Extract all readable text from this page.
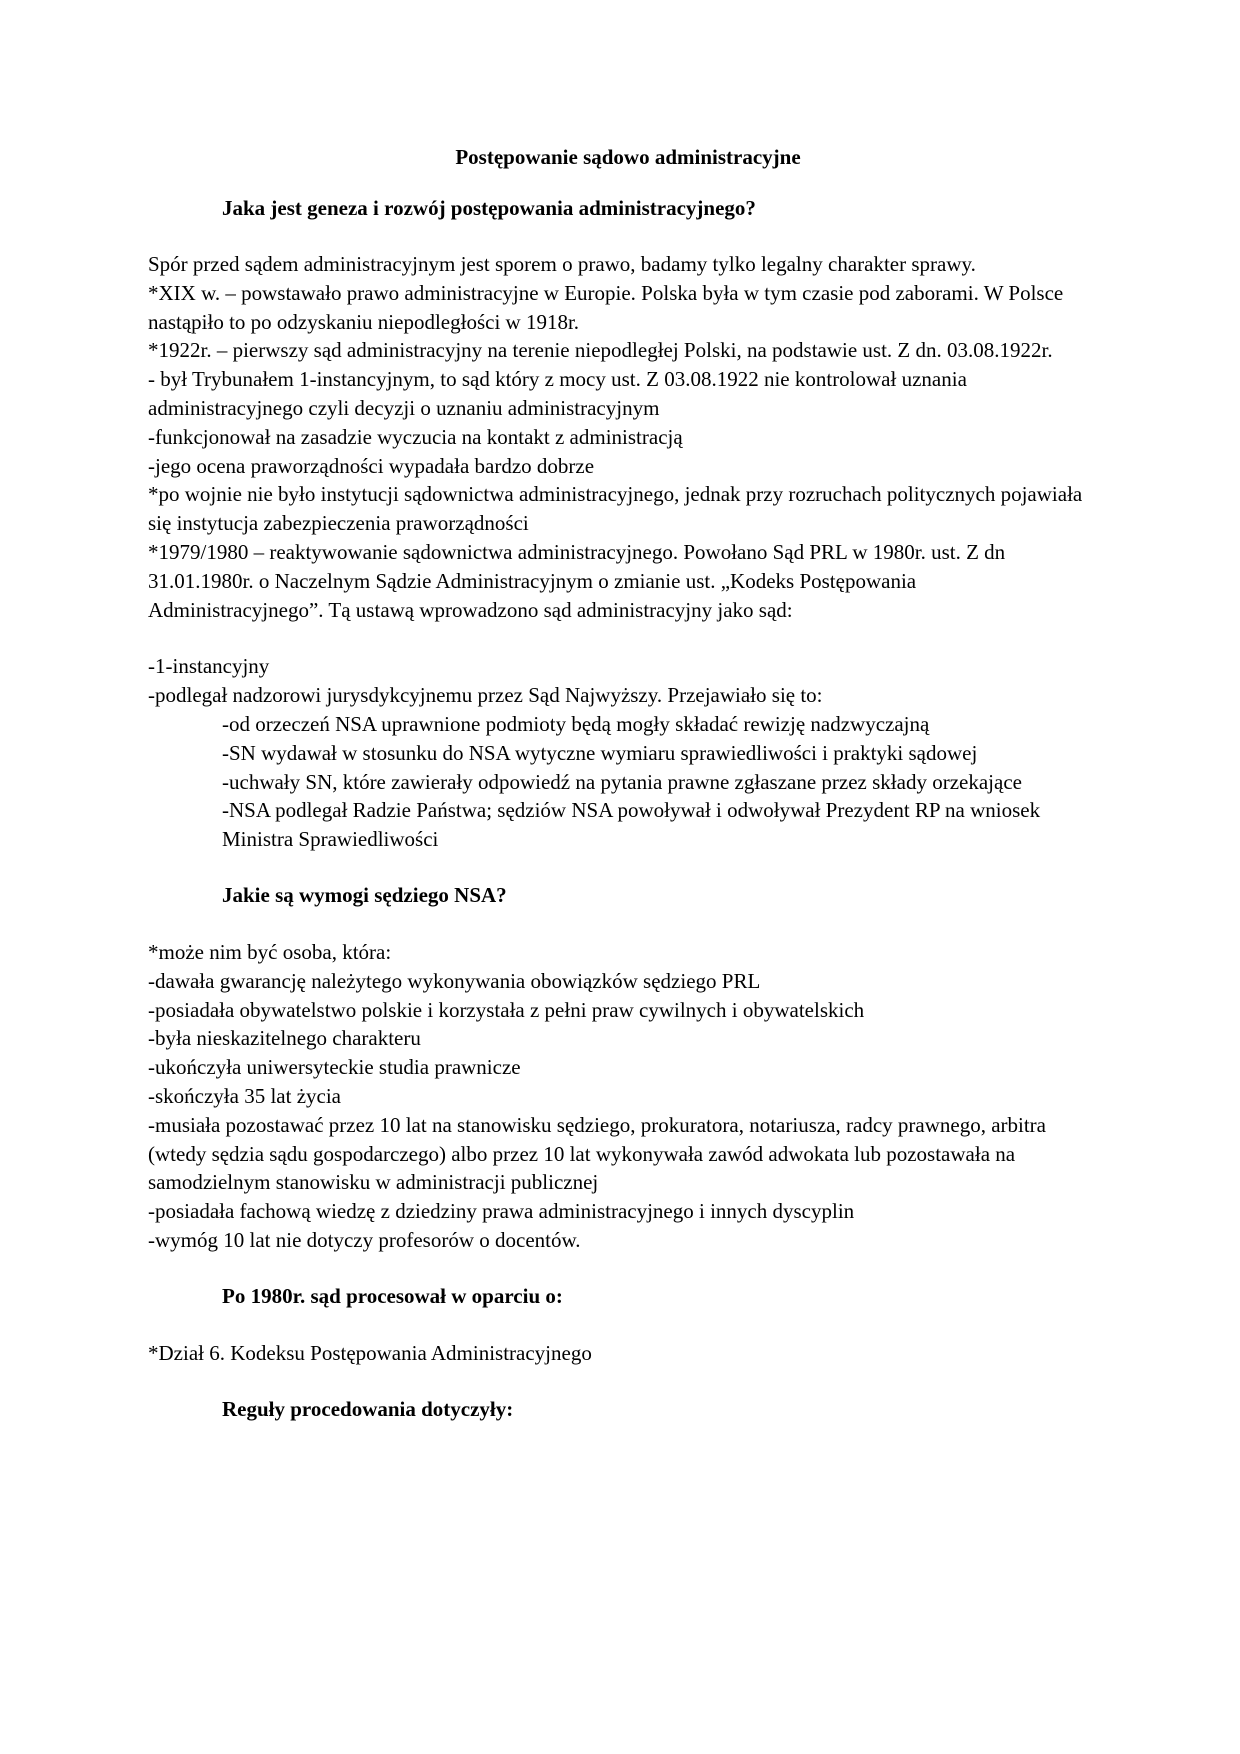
Postępowanie sądowo administracyjne

Jaka jest geneza i rozwój postępowania administracyjnego?

Spór przed sądem administracyjnym jest sporem o prawo, badamy tylko legalny charakter sprawy.

*XIX w. – powstawało prawo administracyjne w Europie. Polska była w tym czasie pod zaborami. W Polsce nastąpiło to po odzyskaniu niepodległości w 1918r.

*1922r. – pierwszy sąd administracyjny na terenie niepodległej Polski, na podstawie ust. Z dn. 03.08.1922r.

- był Trybunałem 1-instancyjnym, to sąd który z mocy ust. Z 03.08.1922 nie kontrolował uznania administracyjnego czyli decyzji o uznaniu administracyjnym

-funkcjonował na zasadzie wyczucia na kontakt z administracją

-jego ocena praworządności wypadała bardzo dobrze

*po wojnie nie było instytucji sądownictwa administracyjnego, jednak przy rozruchach politycznych pojawiała się instytucja zabezpieczenia praworządności

*1979/1980 – reaktywowanie sądownictwa administracyjnego. Powołano Sąd PRL w 1980r. ust. Z dn 31.01.1980r. o Naczelnym Sądzie Administracyjnym o zmianie ust. „Kodeks Postępowania Administracyjnego”. Tą ustawą wprowadzono sąd administracyjny jako sąd:

-1-instancyjny

-podlegał nadzorowi jurysdykcyjnemu przez Sąd Najwyższy. Przejawiało się to:

-od orzeczeń NSA uprawnione podmioty będą mogły składać rewizję nadzwyczajną

-SN wydawał w stosunku do NSA wytyczne wymiaru sprawiedliwości i praktyki sądowej

-uchwały SN, które zawierały odpowiedź na pytania prawne zgłaszane przez składy orzekające

-NSA podlegał Radzie Państwa; sędziów NSA powoływał i odwoływał Prezydent RP na wniosek Ministra Sprawiedliwości

Jakie są wymogi sędziego NSA?

*może nim być osoba, która:

-dawała gwarancję należytego wykonywania obowiązków sędziego PRL

-posiadała obywatelstwo polskie i korzystała z pełni praw cywilnych i obywatelskich

-była nieskazitelnego charakteru

-ukończyła uniwersyteckie studia prawnicze

-skończyła 35 lat życia

-musiała pozostawać przez 10 lat na stanowisku sędziego, prokuratora, notariusza, radcy prawnego, arbitra (wtedy sędzia sądu gospodarczego) albo przez 10 lat wykonywała zawód adwokata lub pozostawała na samodzielnym stanowisku w administracji publicznej

-posiadała fachową wiedzę z dziedziny prawa administracyjnego i innych dyscyplin

-wymóg 10 lat nie dotyczy profesorów o docentów.

Po 1980r. sąd procesował w oparciu o:

*Dział 6. Kodeksu Postępowania Administracyjnego

Reguły procedowania dotyczyły:
